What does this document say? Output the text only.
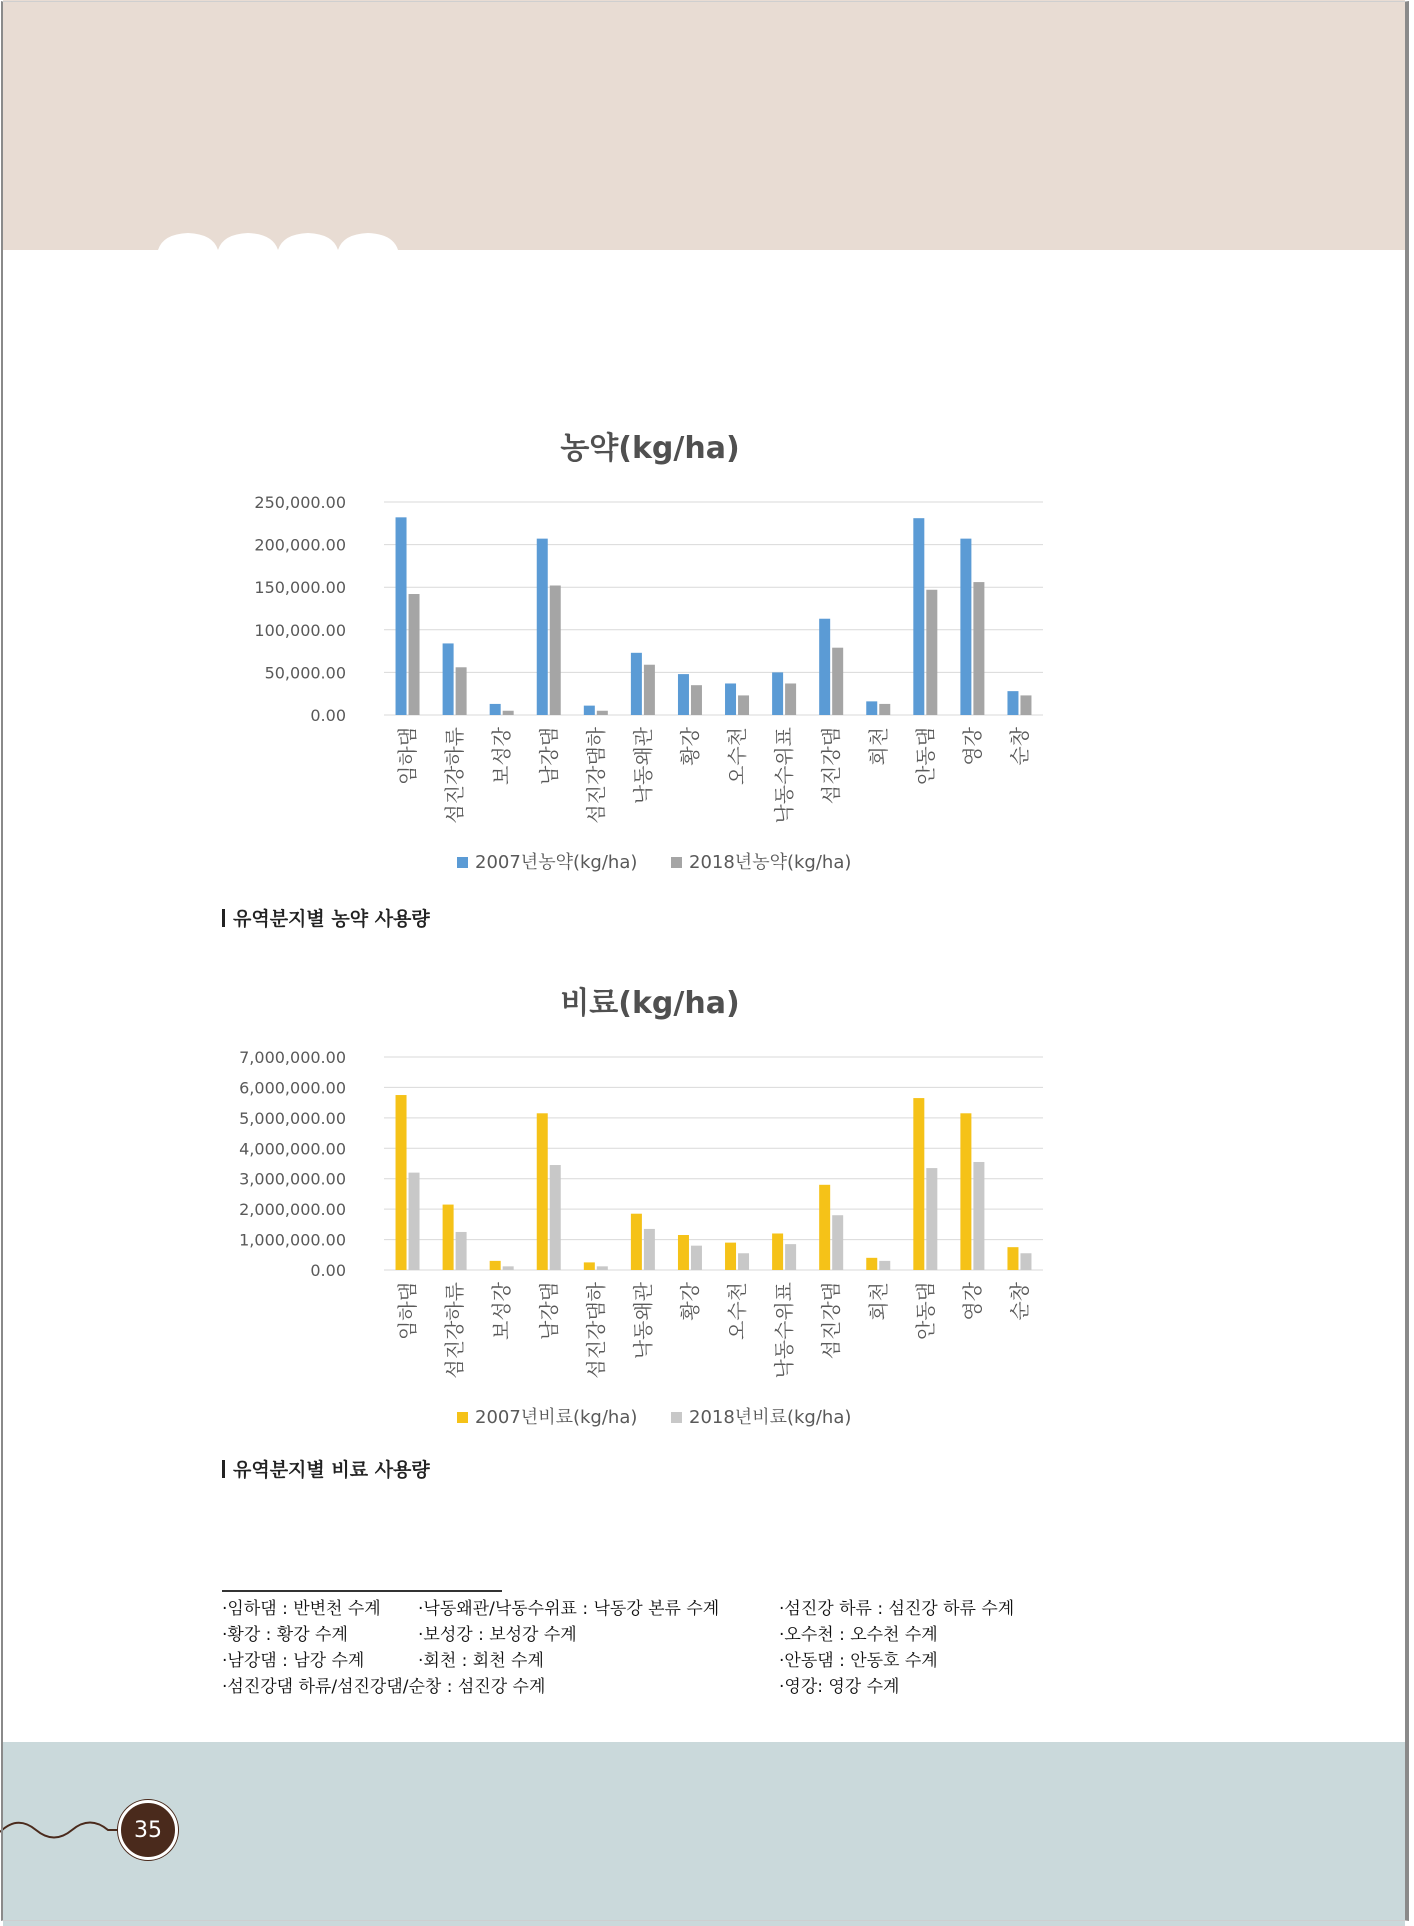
농약(kg/ha)
0.00
50,000.00
100,000.00
150,000.00
200,000.00
250,000.00
임하댐 섬진강하류 보성강 남강댐 섬진강댐하 낙동왜관 황강 오수천 낙동수위표 섬진강댐 회천 안동댐 영강 순창
2007년농약(kg/ha)	2018년농약(kg/ha)
유역분지별 농약 사용량
비료(kg/ha)
0.00
1,000,000.00
2,000,000.00
3,000,000.00
4,000,000.00
5,000,000.00
6,000,000.00
7,000,000.00
임하댐 섬진강하류 보성강 남강댐 섬진강댐하 낙동왜관 황강 오수천 낙동수위표 섬진강댐 회천 안동댐 영강 순창
2007년비료(kg/ha)	2018년비료(kg/ha)
유역분지별 비료 사용량
·임하댐 : 반변천 수계
·황강 : 황강 수계
·남강댐 : 남강 수계
·섬진강댐 하류/섬진강댐/순창 : 섬진강 수계
·낙동왜관/낙동수위표 : 낙동강 본류 수계
·보성강 : 보성강 수계
·회천 : 회천 수계
·섬진강 하류 : 섬진강 하류 수계
·오수천 : 오수천 수계
·안동댐 : 안동호 수계
·영강: 영강 수계
35
